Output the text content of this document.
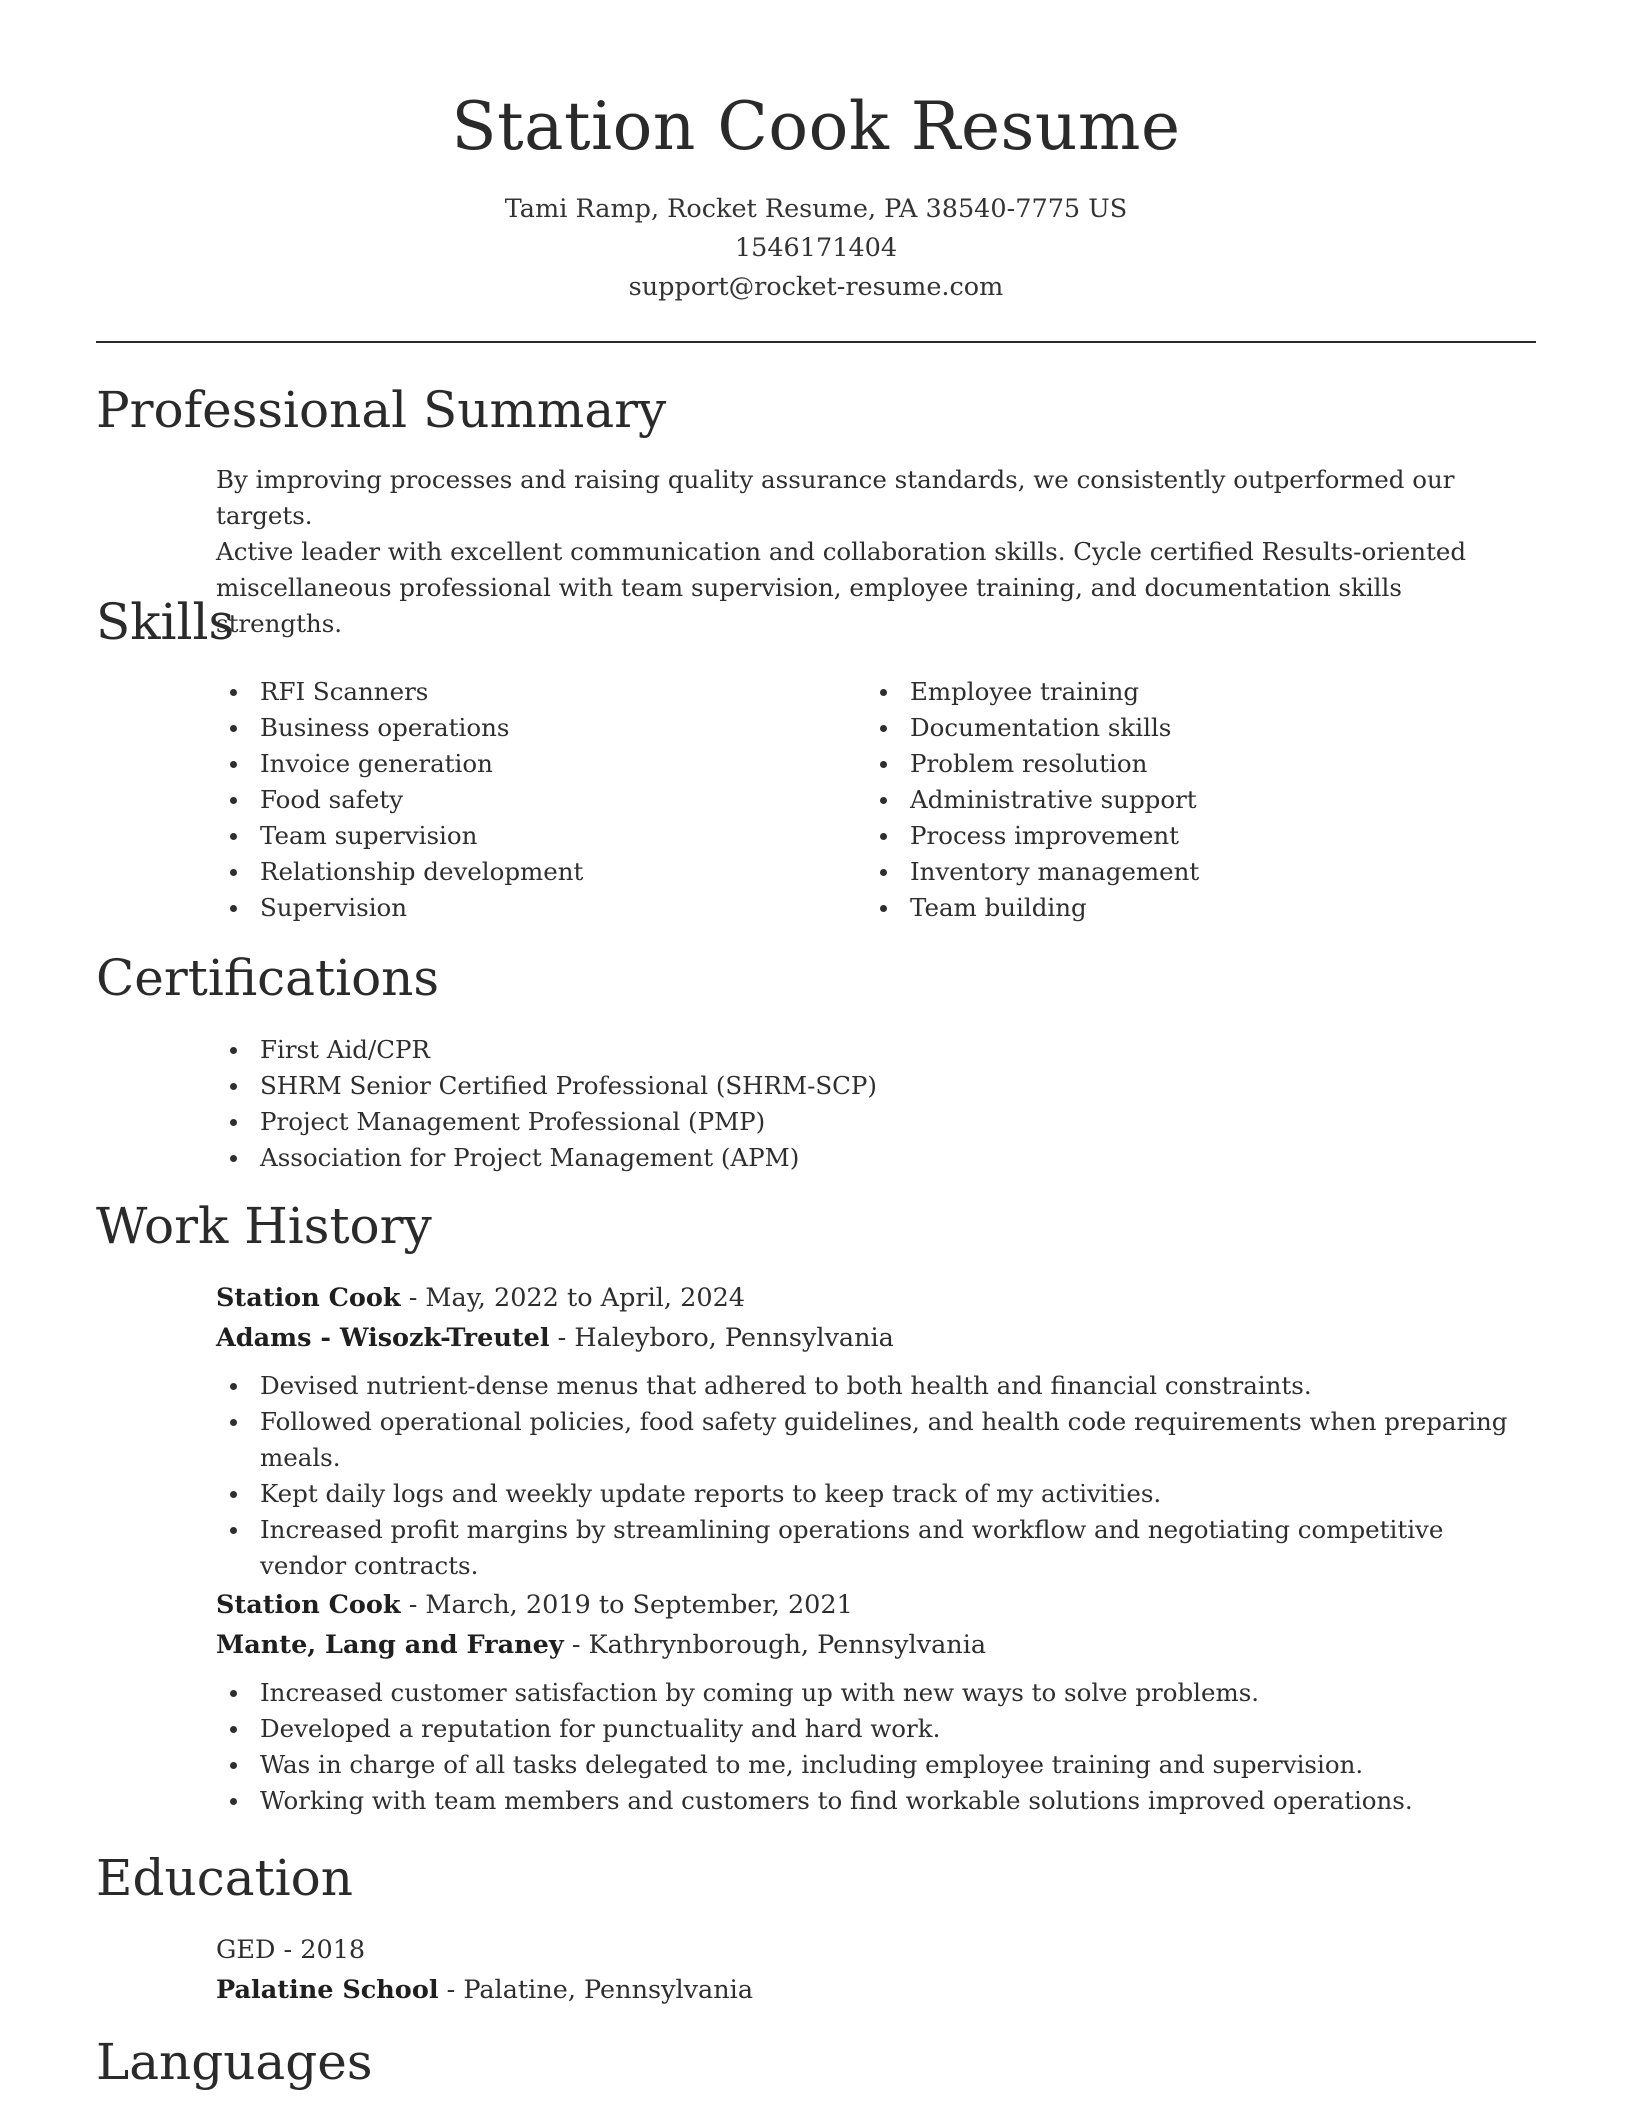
Station Cook Resume
Tami Ramp, Rocket Resume, PA 38540-7775 US
1546171404
support@rocket-resume.com
Professional Summary
By improving processes and raising quality assurance standards, we consistently outperformed our targets.
Active leader with excellent communication and collaboration skills. Cycle certified Results-oriented
miscellaneous professional with team supervision, employee training, and documentation skills strengths.
Skills
RFI Scanners
Business operations
Invoice generation
Food safety
Team supervision
Relationship development
Supervision
Employee training
Documentation skills
Problem resolution
Administrative support
Process improvement
Inventory management
Team building
Certifications
First Aid/CPR
SHRM Senior Certified Professional (SHRM-SCP)
Project Management Professional (PMP)
Association for Project Management (APM)
Work History
Station Cook - May, 2022 to April, 2024
Adams - Wisozk-Treutel - Haleyboro, Pennsylvania
Devised nutrient-dense menus that adhered to both health and financial constraints.
Followed operational policies, food safety guidelines, and health code requirements when preparing meals.
Kept daily logs and weekly update reports to keep track of my activities.
Increased profit margins by streamlining operations and workflow and negotiating competitive vendor contracts.
Station Cook - March, 2019 to September, 2021
Mante, Lang and Franey - Kathrynborough, Pennsylvania
Increased customer satisfaction by coming up with new ways to solve problems.
Developed a reputation for punctuality and hard work.
Was in charge of all tasks delegated to me, including employee training and supervision.
Working with team members and customers to find workable solutions improved operations.
Education
GED - 2018
Palatine School - Palatine, Pennsylvania
Languages
